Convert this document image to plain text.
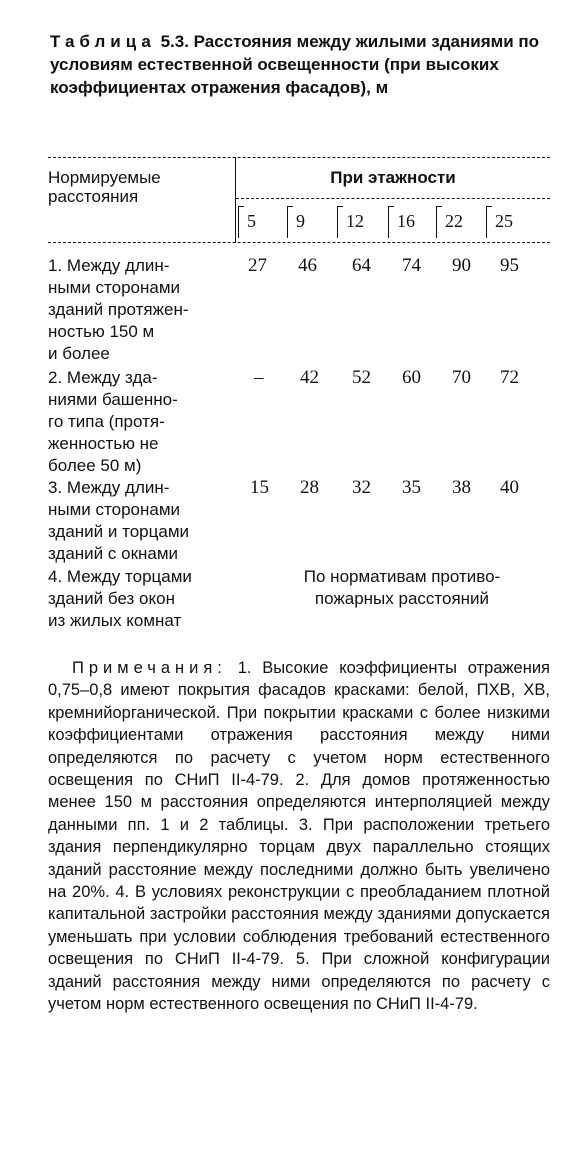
Таблица 5.3. Расстояния между жилыми зданиями по условиям естественной освещенности (при высоких коэффициентах отражения фасадов), м
Нормируемые
расстояния
При этажности
5	9	12	16	22	25
1. Между длин-
ными сторонами
зданий протяжен-
ностью 150 м
и более
27 46 64 74 90 95
2. Между зда-
ниями башенно-
го типа (протя-
женностью не
более 50 м)
– 42 52 60 70 72
3. Между длин-
ными сторонами
зданий и торцами
зданий с окнами
15 28 32 35 38 40
4. Между торцами
зданий без окон
из жилых комнат
По нормативам противо-
пожарных расстояний
Примечания: 1. Высокие коэффициенты отражения 0,75–0,8 имеют покрытия фасадов красками: белой, ПХВ, ХВ, кремнийорганической. При покрытии красками с более низкими коэффициентами отражения расстояния между ними определяются по расчету с учетом норм естественного освещения по СНиП II-4-79. 2. Для домов протяженностью менее 150 м расстояния определяются интерполяцией между данными пп. 1 и 2 таблицы. 3. При расположении третьего здания перпендикулярно торцам двух параллельно стоящих зданий расстояние между последними должно быть увеличено на 20%. 4. В условиях реконструкции с преобладанием плотной капитальной застройки расстояния между зданиями допускается уменьшать при условии соблюдения требований естественного освещения по СНиП II-4-79. 5. При сложной конфигурации зданий расстояния между ними определяются по расчету с учетом норм естественного освещения по СНиП II-4-79.
